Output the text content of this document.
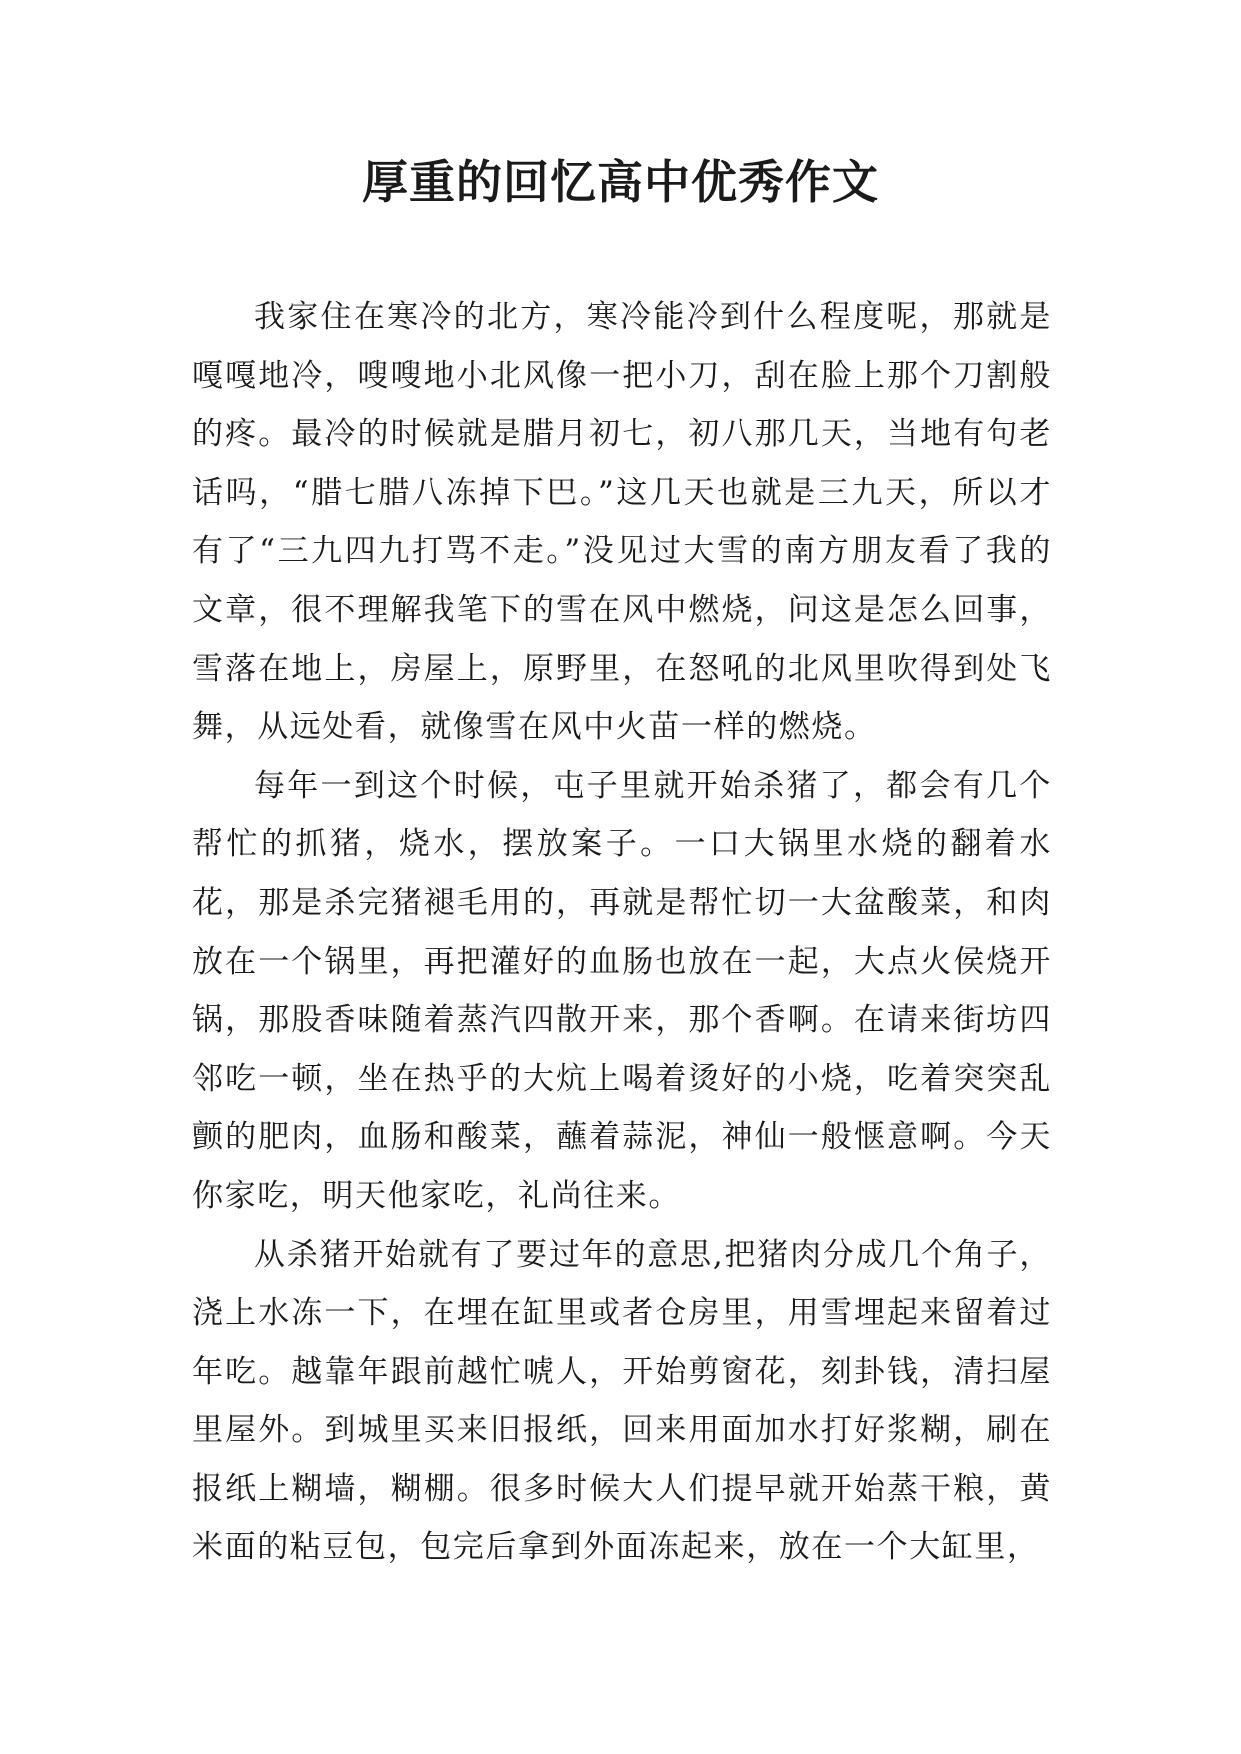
厚重的回忆高中优秀作文

我家住在寒冷的北方，寒冷能冷到什么程度呢，那就是嘎嘎地冷，嗖嗖地小北风像一把小刀，刮在脸上那个刀割般的疼。最冷的时候就是腊月初七，初八那几天，当地有句老话吗，“腊七腊八冻掉下巴。”这几天也就是三九天，所以才有了“三九四九打骂不走。”没见过大雪的南方朋友看了我的文章，很不理解我笔下的雪在风中燃烧，问这是怎么回事，雪落在地上，房屋上，原野里，在怒吼的北风里吹得到处飞舞，从远处看，就像雪在风中火苗一样的燃烧。

每年一到这个时候，屯子里就开始杀猪了，都会有几个帮忙的抓猪，烧水，摆放案子。一口大锅里水烧的翻着水花，那是杀完猪褪毛用的，再就是帮忙切一大盆酸菜，和肉放在一个锅里，再把灌好的血肠也放在一起，大点火侯烧开锅，那股香味随着蒸汽四散开来，那个香啊。在请来街坊四邻吃一顿，坐在热乎的大炕上喝着烫好的小烧，吃着突突乱颤的肥肉，血肠和酸菜，蘸着蒜泥，神仙一般惬意啊。今天你家吃，明天他家吃，礼尚往来。

从杀猪开始就有了要过年的意思,把猪肉分成几个角子，浇上水冻一下，在埋在缸里或者仓房里，用雪埋起来留着过年吃。越靠年跟前越忙唬人，开始剪窗花，刻卦钱，清扫屋里屋外。到城里买来旧报纸，回来用面加水打好浆糊，刷在报纸上糊墙，糊棚。很多时候大人们提早就开始蒸干粮，黄米面的粘豆包，包完后拿到外面冻起来，放在一个大缸里，
